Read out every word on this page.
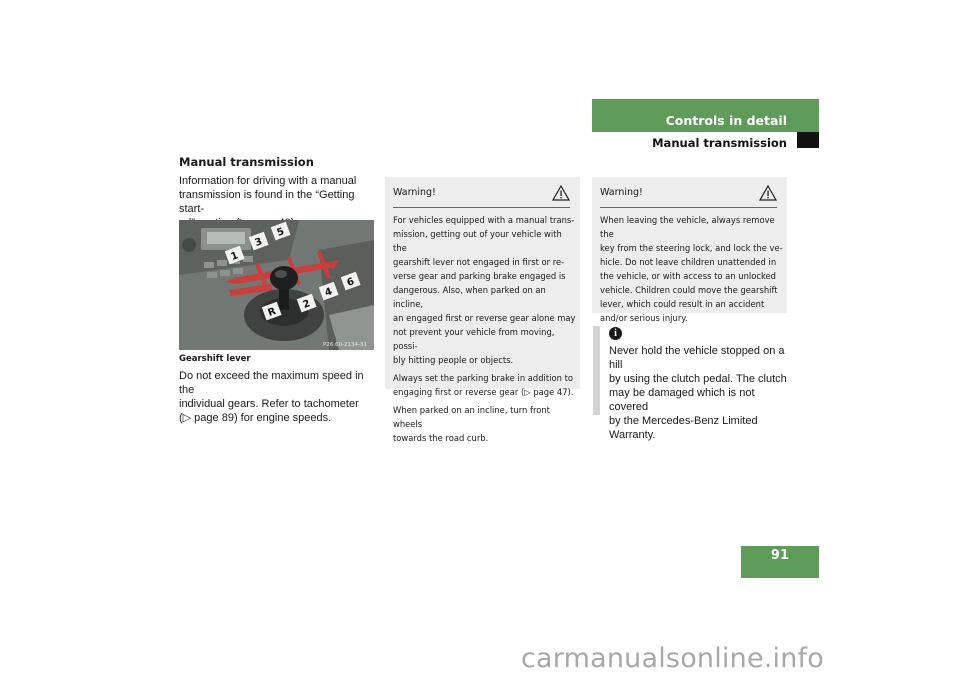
Controls in detail
Manual transmission
Manual transmission
Information for driving with a manual
transmission is found in the “Getting start-
1
3
5
2
4
6
R
P26.60-2134-31
Gearshift lever
Do not exceed the maximum speed in the
individual gears. Refer to tachometer
(▷ page 89) for engine speeds.
Warning!

For vehicles equipped with a manual trans-
mission, getting out of your vehicle with the
gearshift lever not engaged in first or re-
verse gear and parking brake engaged is
dangerous. Also, when parked on an incline,
an engaged first or reverse gear alone may
not prevent your vehicle from moving, possi-
bly hitting people or objects.

Always set the parking brake in addition to
engaging first or reverse gear (▷ page 47).

When parked on an incline, turn front wheels
towards the road curb.

Warning!
When leaving the vehicle, always remove the
key from the steering lock, and lock the ve-
hicle. Do not leave children unattended in
the vehicle, or with access to an unlocked
vehicle. Children could move the gearshift
lever, which could result in an accident
and/or serious injury.
i
Never hold the vehicle stopped on a hill
by using the clutch pedal. The clutch
may be damaged which is not covered
by the Mercedes-Benz Limited
Warranty.
91
carmanualsonline.info
